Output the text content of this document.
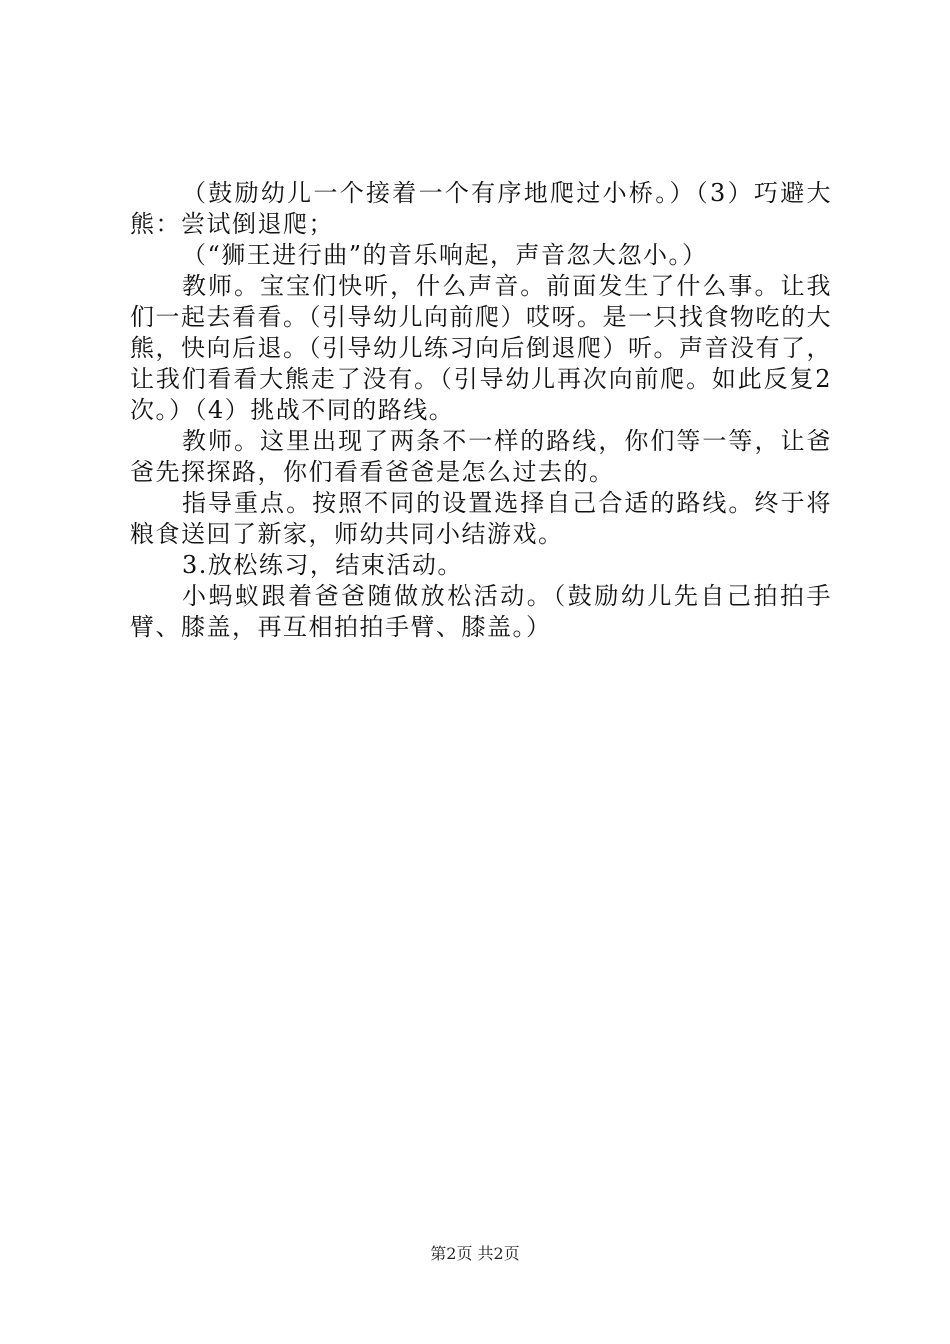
（鼓励幼儿一个接着一个有序地爬过小桥。）（3）巧避大熊：尝试倒退爬；

（“狮王进行曲”的音乐响起，声音忽大忽小。）

教师。宝宝们快听，什么声音。前面发生了什么事。让我们一起去看看。（引导幼儿向前爬）哎呀。是一只找食物吃的大熊，快向后退。（引导幼儿练习向后倒退爬）听。声音没有了，让我们看看大熊走了没有。（引导幼儿再次向前爬。如此反复2次。）（4）挑战不同的路线。

教师。这里出现了两条不一样的路线，你们等一等，让爸爸先探探路，你们看看爸爸是怎么过去的。

指导重点。按照不同的设置选择自己合适的路线。终于将粮食送回了新家，师幼共同小结游戏。

3.放松练习，结束活动。

小蚂蚁跟着爸爸随做放松活动。（鼓励幼儿先自己拍拍手臂、膝盖，再互相拍拍手臂、膝盖。）

第2页 共2页
